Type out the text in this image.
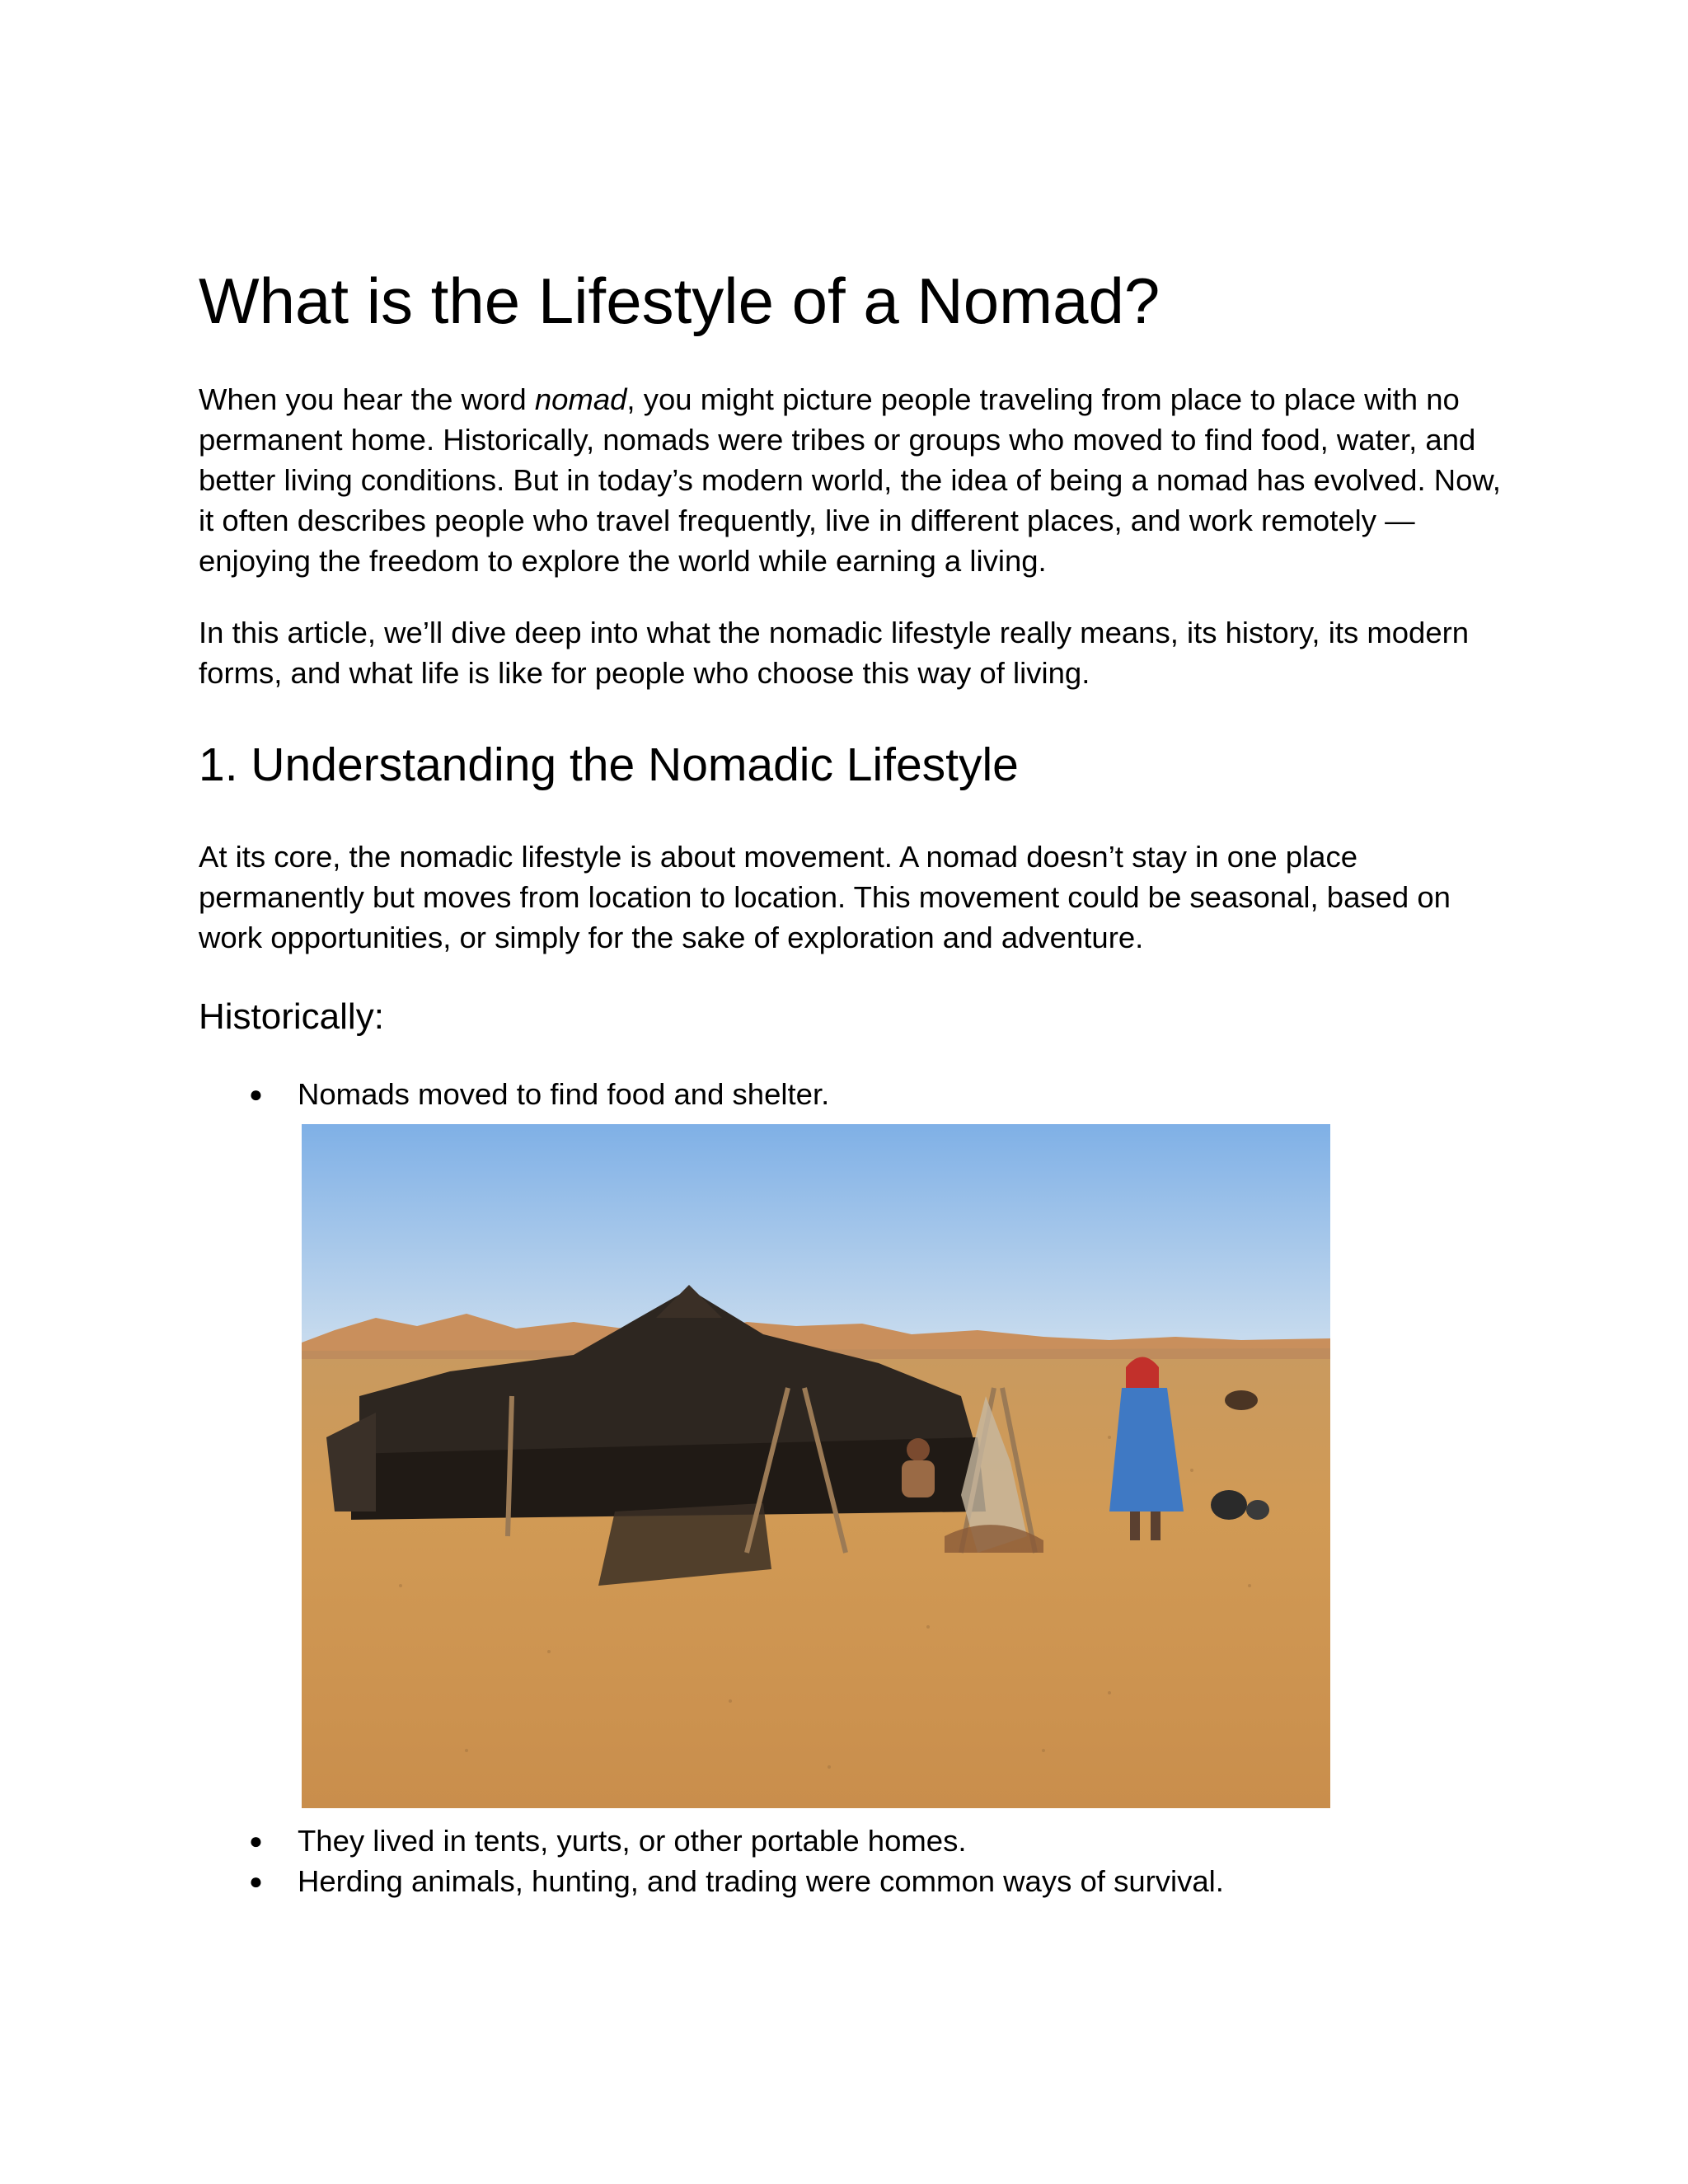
What is the Lifestyle of a Nomad?

When you hear the word nomad, you might picture people traveling from place to place with no permanent home. Historically, nomads were tribes or groups who moved to find food, water, and better living conditions. But in today’s modern world, the idea of being a nomad has evolved. Now, it often describes people who travel frequently, live in different places, and work remotely — enjoying the freedom to explore the world while earning a living.

In this article, we’ll dive deep into what the nomadic lifestyle really means, its history, its modern forms, and what life is like for people who choose this way of living.

1. Understanding the Nomadic Lifestyle

At its core, the nomadic lifestyle is about movement. A nomad doesn’t stay in one place permanently but moves from location to location. This movement could be seasonal, based on work opportunities, or simply for the sake of exploration and adventure.

Historically:
● Nomads moved to find food and shelter.
● They lived in tents, yurts, or other portable homes.
● Herding animals, hunting, and trading were common ways of survival.
